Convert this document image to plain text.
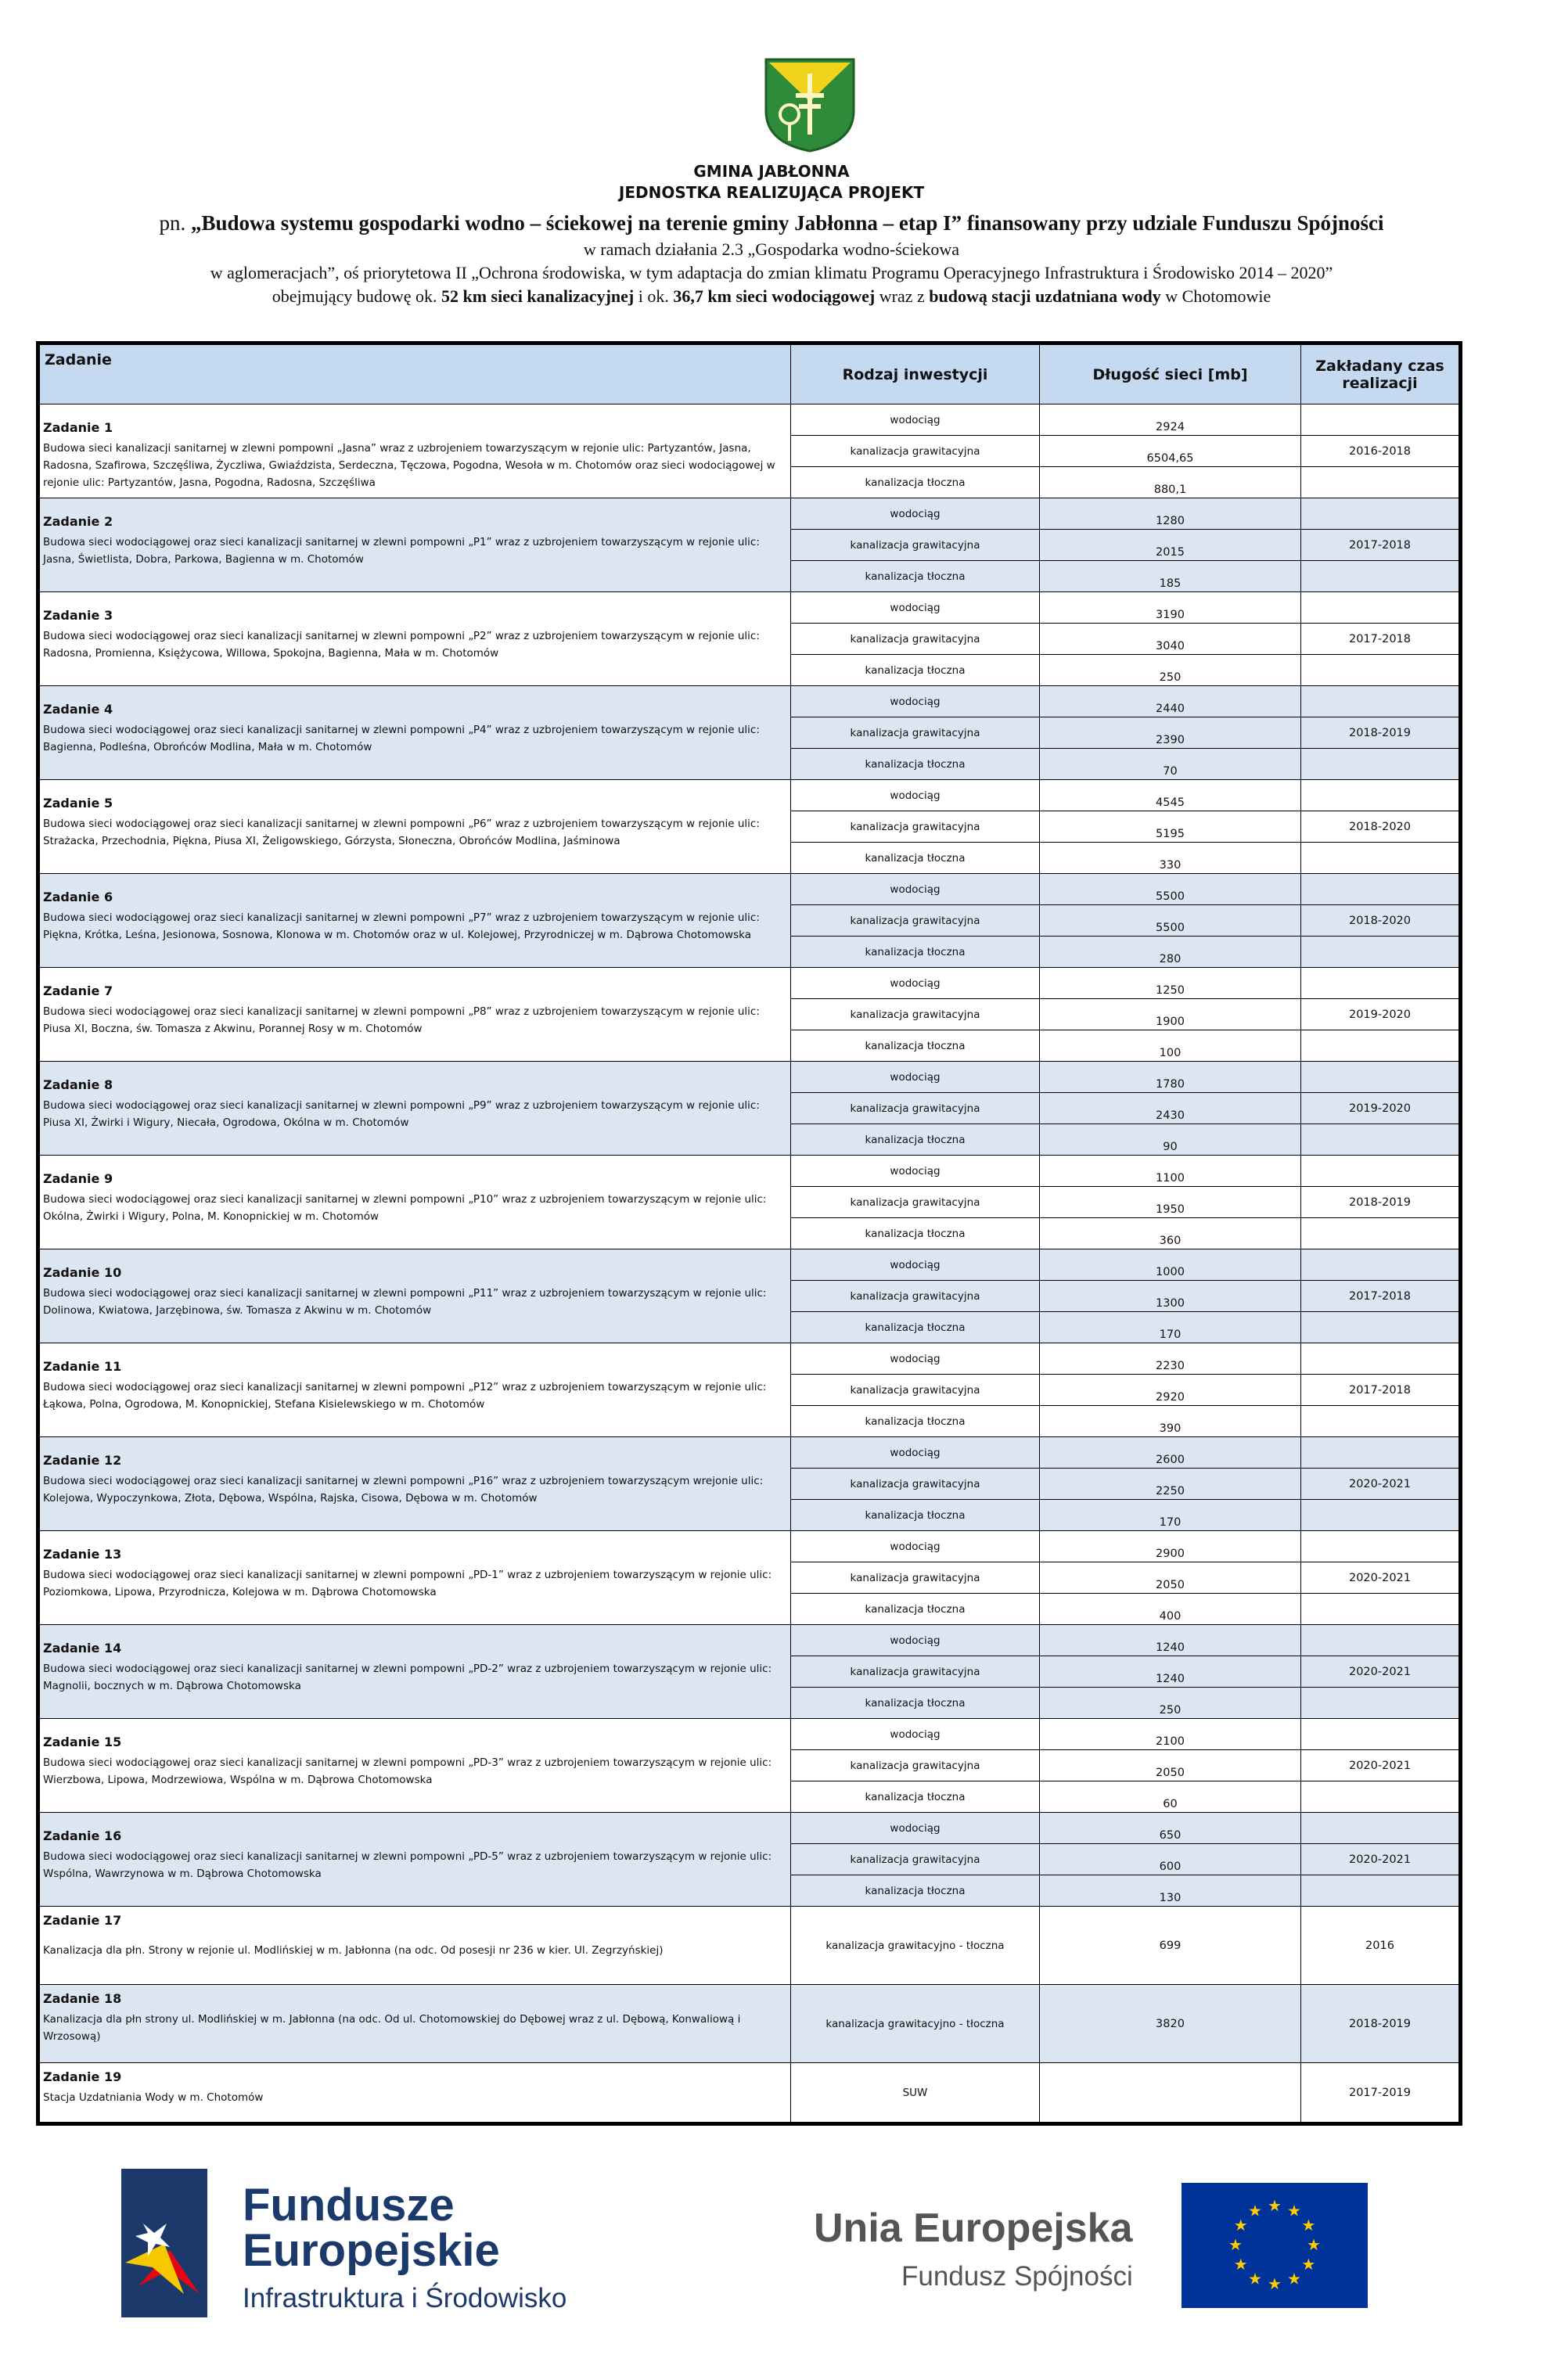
GMINA JABŁONNA
JEDNOSTKA REALIZUJĄCA PROJEKT
pn. „Budowa systemu gospodarki wodno – ściekowej na terenie gminy Jabłonna – etap I” finansowany przy udziale Funduszu Spójności
w ramach działania 2.3 „Gospodarka wodno-ściekowa
w aglomeracjach”, oś priorytetowa II „Ochrona środowiska, w tym adaptacja do zmian klimatu Programu Operacyjnego Infrastruktura i Środowisko 2014 – 2020”
obejmujący budowę ok. 52 km sieci kanalizacyjnej i ok. 36,7 km sieci wodociągowej wraz z budową stacji uzdatniana wody w Chotomowie
Zadanie	Rodzaj inwestycji	Długość sieci [mb]	Zakładany czas realizacji

Zadanie 1
Budowa sieci kanalizacji sanitarnej w zlewni pompowni „Jasna” wraz z uzbrojeniem towarzyszącym w rejonie ulic: Partyzantów, Jasna, Radosna, Szafirowa, Szczęśliwa, Życzliwa, Gwiaździsta, Serdeczna, Tęczowa, Pogodna, Wesoła w m. Chotomów oraz sieci wodociągowej w rejonie ulic: Partyzantów, Jasna, Pogodna, Radosna, Szczęśliwa	wodociąg	2924	
	kanalizacja grawitacyjna	6504,65	2016-2018
	kanalizacja tłoczna	880,1	

Zadanie 2
Budowa sieci wodociągowej oraz sieci kanalizacji sanitarnej w zlewni pompowni „P1” wraz z uzbrojeniem towarzyszącym w rejonie ulic: Jasna, Świetlista, Dobra, Parkowa, Bagienna w m. Chotomów	wodociąg	1280	
	kanalizacja grawitacyjna	2015	2017-2018
	kanalizacja tłoczna	185	

Zadanie 3
Budowa sieci wodociągowej oraz sieci kanalizacji sanitarnej w zlewni pompowni „P2” wraz z uzbrojeniem towarzyszącym w rejonie ulic: Radosna, Promienna, Księżycowa, Willowa, Spokojna, Bagienna, Mała w m. Chotomów	wodociąg	3190	
	kanalizacja grawitacyjna	3040	2017-2018
	kanalizacja tłoczna	250	

Zadanie 4
Budowa sieci wodociągowej oraz sieci kanalizacji sanitarnej w zlewni pompowni „P4” wraz z uzbrojeniem towarzyszącym w rejonie ulic: Bagienna, Podleśna, Obrońców Modlina, Mała w m. Chotomów	wodociąg	2440	
	kanalizacja grawitacyjna	2390	2018-2019
	kanalizacja tłoczna	70	

Zadanie 5
Budowa sieci wodociągowej oraz sieci kanalizacji sanitarnej w zlewni pompowni „P6” wraz z uzbrojeniem towarzyszącym w rejonie ulic: Strażacka, Przechodnia, Piękna, Piusa XI, Żeligowskiego, Górzysta, Słoneczna, Obrońców Modlina, Jaśminowa	wodociąg	4545	
	kanalizacja grawitacyjna	5195	2018-2020
	kanalizacja tłoczna	330	

Zadanie 6
Budowa sieci wodociągowej oraz sieci kanalizacji sanitarnej w zlewni pompowni „P7” wraz z uzbrojeniem towarzyszącym w rejonie ulic: Piękna, Krótka, Leśna, Jesionowa, Sosnowa, Klonowa w m. Chotomów oraz w ul. Kolejowej, Przyrodniczej w m. Dąbrowa Chotomowska	wodociąg	5500	
	kanalizacja grawitacyjna	5500	2018-2020
	kanalizacja tłoczna	280	

Zadanie 7
Budowa sieci wodociągowej oraz sieci kanalizacji sanitarnej w zlewni pompowni „P8” wraz z uzbrojeniem towarzyszącym w rejonie ulic: Piusa XI, Boczna, św. Tomasza z Akwinu, Porannej Rosy w m. Chotomów	wodociąg	1250	
	kanalizacja grawitacyjna	1900	2019-2020
	kanalizacja tłoczna	100	

Zadanie 8
Budowa sieci wodociągowej oraz sieci kanalizacji sanitarnej w zlewni pompowni „P9” wraz z uzbrojeniem towarzyszącym w rejonie ulic: Piusa XI, Żwirki i Wigury, Niecała, Ogrodowa, Okólna w m. Chotomów	wodociąg	1780	
	kanalizacja grawitacyjna	2430	2019-2020
	kanalizacja tłoczna	90	

Zadanie 9
Budowa sieci wodociągowej oraz sieci kanalizacji sanitarnej w zlewni pompowni „P10” wraz z uzbrojeniem towarzyszącym w rejonie ulic: Okólna, Żwirki i Wigury, Polna, M. Konopnickiej w m. Chotomów	wodociąg	1100	
	kanalizacja grawitacyjna	1950	2018-2019
	kanalizacja tłoczna	360	

Zadanie 10
Budowa sieci wodociągowej oraz sieci kanalizacji sanitarnej w zlewni pompowni „P11” wraz z uzbrojeniem towarzyszącym w rejonie ulic: Dolinowa, Kwiatowa, Jarzębinowa, św. Tomasza z Akwinu w m. Chotomów	wodociąg	1000	
	kanalizacja grawitacyjna	1300	2017-2018
	kanalizacja tłoczna	170	

Zadanie 11
Budowa sieci wodociągowej oraz sieci kanalizacji sanitarnej w zlewni pompowni „P12” wraz z uzbrojeniem towarzyszącym w rejonie ulic: Łąkowa, Polna, Ogrodowa, M. Konopnickiej, Stefana Kisielewskiego w m. Chotomów	wodociąg	2230	
	kanalizacja grawitacyjna	2920	2017-2018
	kanalizacja tłoczna	390	

Zadanie 12
Budowa sieci wodociągowej oraz sieci kanalizacji sanitarnej w zlewni pompowni „P16” wraz z uzbrojeniem towarzyszącym wrejonie ulic: Kolejowa, Wypoczynkowa, Złota, Dębowa, Wspólna, Rajska, Cisowa, Dębowa w m. Chotomów	wodociąg	2600	
	kanalizacja grawitacyjna	2250	2020-2021
	kanalizacja tłoczna	170	

Zadanie 13
Budowa sieci wodociągowej oraz sieci kanalizacji sanitarnej w zlewni pompowni „PD-1” wraz z uzbrojeniem towarzyszącym w rejonie ulic: Poziomkowa, Lipowa, Przyrodnicza, Kolejowa w m. Dąbrowa Chotomowska	wodociąg	2900	
	kanalizacja grawitacyjna	2050	2020-2021
	kanalizacja tłoczna	400	

Zadanie 14
Budowa sieci wodociągowej oraz sieci kanalizacji sanitarnej w zlewni pompowni „PD-2” wraz z uzbrojeniem towarzyszącym w rejonie ulic: Magnolii, bocznych w m. Dąbrowa Chotomowska	wodociąg	1240	
	kanalizacja grawitacyjna	1240	2020-2021
	kanalizacja tłoczna	250	

Zadanie 15
Budowa sieci wodociągowej oraz sieci kanalizacji sanitarnej w zlewni pompowni „PD-3” wraz z uzbrojeniem towarzyszącym w rejonie ulic: Wierzbowa, Lipowa, Modrzewiowa, Wspólna w m. Dąbrowa Chotomowska	wodociąg	2100	
	kanalizacja grawitacyjna	2050	2020-2021
	kanalizacja tłoczna	60	

Zadanie 16
Budowa sieci wodociągowej oraz sieci kanalizacji sanitarnej w zlewni pompowni „PD-5” wraz z uzbrojeniem towarzyszącym w rejonie ulic: Wspólna, Wawrzynowa w m. Dąbrowa Chotomowska	wodociąg	650	
	kanalizacja grawitacyjna	600	2020-2021
	kanalizacja tłoczna	130	

Zadanie 17
Kanalizacja dla płn. Strony w rejonie ul. Modlińskiej w m. Jabłonna (na odc. Od posesji nr 236 w kier. Ul. Zegrzyńskiej)	kanalizacja grawitacyjno - tłoczna	699	2016

Zadanie 18
Kanalizacja dla płn strony ul. Modlińskiej w m. Jabłonna (na odc. Od ul. Chotomowskiej do Dębowej wraz z ul. Dębową, Konwaliową i Wrzosową)	kanalizacja grawitacyjno - tłoczna	3820	2018-2019

Zadanie 19
Stacja Uzdatniania Wody w m. Chotomów	SUW		2017-2019
Fundusze
Europejskie
Infrastruktura i Środowisko
Unia Europejska
Fundusz Spójności
★ ★
★
★
★
★
★
★
★
★
★
★
